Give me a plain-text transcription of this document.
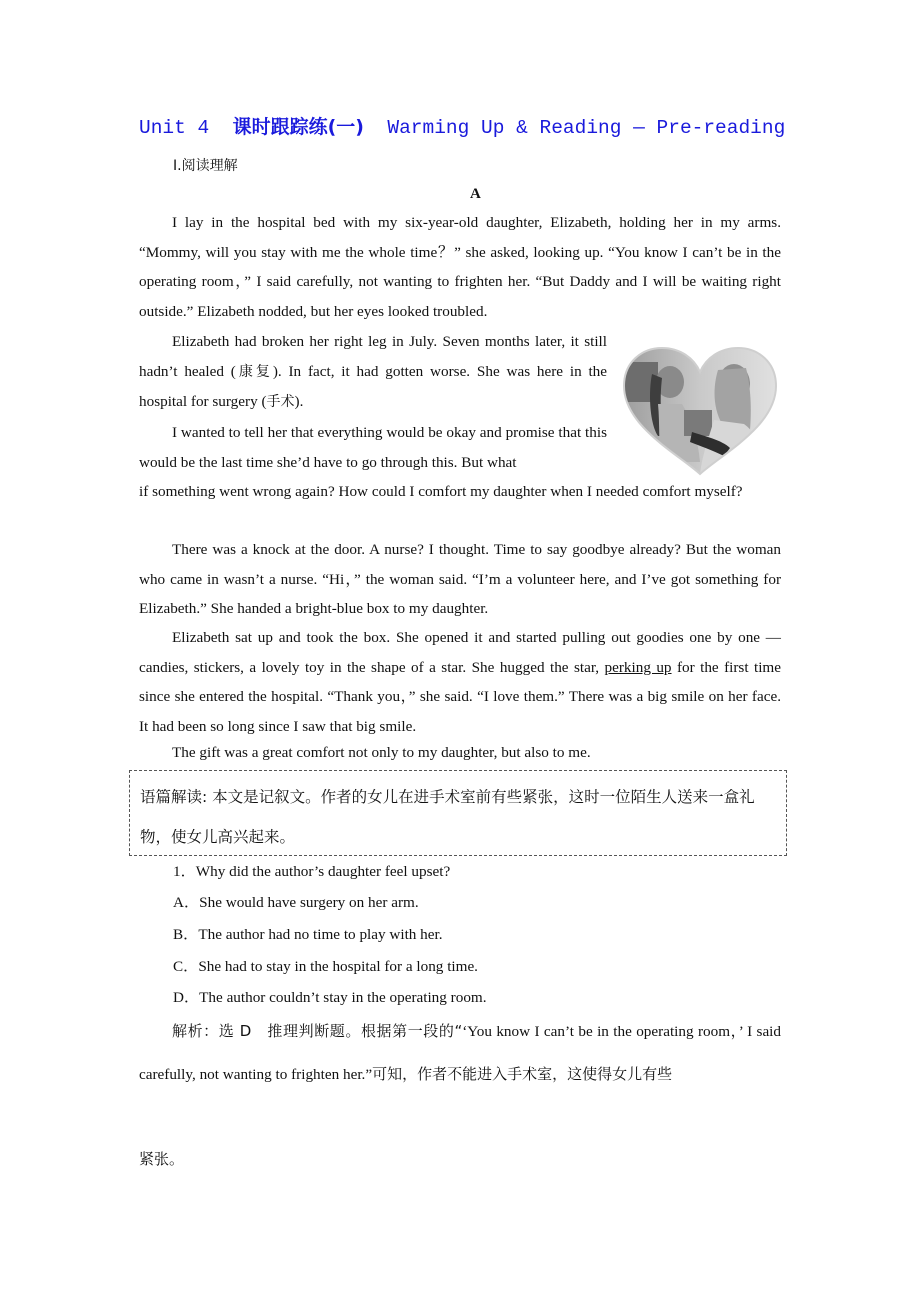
Unit 4 课时跟踪练(一) Warming Up & Reading — Pre-reading
Ⅰ.阅读理解
A

I lay in the hospital bed with my six-year-old daughter, Elizabeth, holding her in my arms. “Mommy, will you stay with me the whole time？” she asked, looking up. “You know I can’t be in the operating room，” I said carefully, not wanting to frighten her. “But Daddy and I will be waiting right outside.” Elizabeth nodded, but her eyes looked troubled.

Elizabeth had broken her right leg in July. Seven months later, it still hadn’t healed (康复). In fact, it had gotten worse. She was here in the hospital for surgery (手术).

I wanted to tell her that everything would be okay and promise that this would be the last time she’d have to go through this. But what

if something went wrong again? How could I comfort my daughter when I needed comfort myself?

There was a knock at the door. A nurse? I thought. Time to say goodbye already? But the woman who came in wasn’t a nurse. “Hi，” the woman said. “I’m a volunteer here, and I’ve got something for Elizabeth.” She handed a bright-blue box to my daughter.

Elizabeth sat up and took the box. She opened it and started pulling out goodies one by one — candies, stickers, a lovely toy in the shape of a star. She hugged the star, perking up for the first time since she entered the hospital. “Thank you，” she said. “I love them.” There was a big smile on her face. It had been so long since I saw that big smile.

The gift was a great comfort not only to my daughter, but also to me.

语篇解读: 本文是记叙文。作者的女儿在进手术室前有些紧张，这时一位陌生人送来一盒礼物，使女儿高兴起来。
1．Why did the author’s daughter feel upset?
A．She would have surgery on her arm.
B．The author had no time to play with her.
C．She had to stay in the hospital for a long time.
D．The author couldn’t stay in the operating room.

解析：选 D　推理判断题。根据第一段的“‘You know I can’t be in the operating room，’ I said carefully, not wanting to frighten her.”可知，作者不能进入手术室，这使得女儿有些

紧张。
